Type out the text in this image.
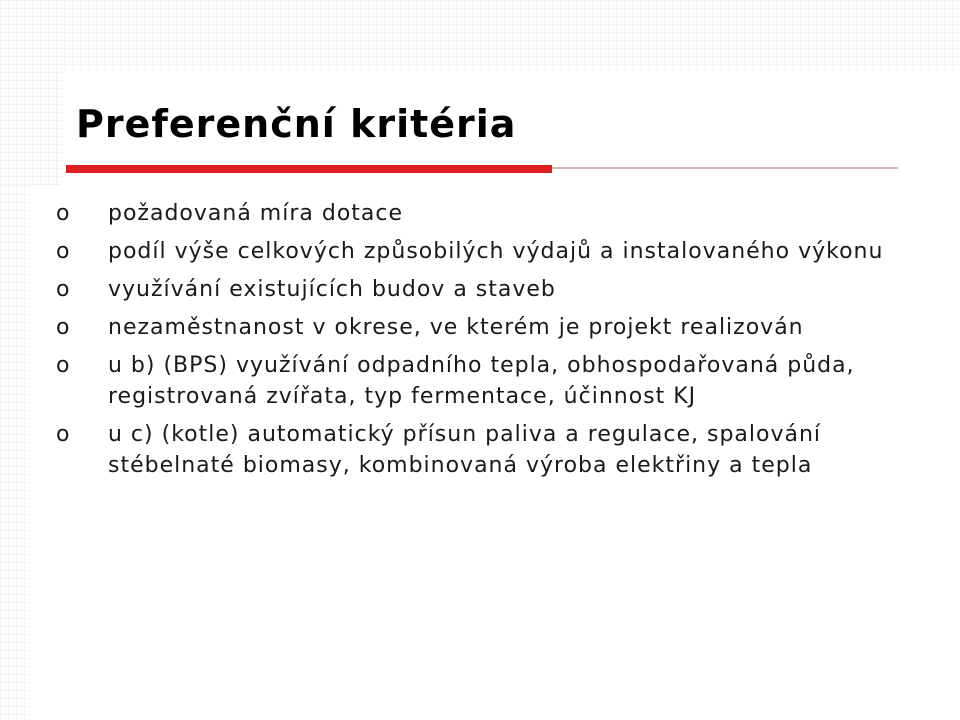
Preferenční kritéria
o požadovaná míra dotace
o podíl výše celkových způsobilých výdajů a instalovaného výkonu
o využívání existujících budov a staveb
o nezaměstnanost v okrese, ve kterém je projekt realizován
o u b) (BPS) využívání odpadního tepla, obhospodařovaná půda, registrovaná zvířata, typ fermentace, účinnost KJ
o u c) (kotle) automatický přísun paliva a regulace, spalování stébelnaté biomasy, kombinovaná výroba elektřiny a tepla
